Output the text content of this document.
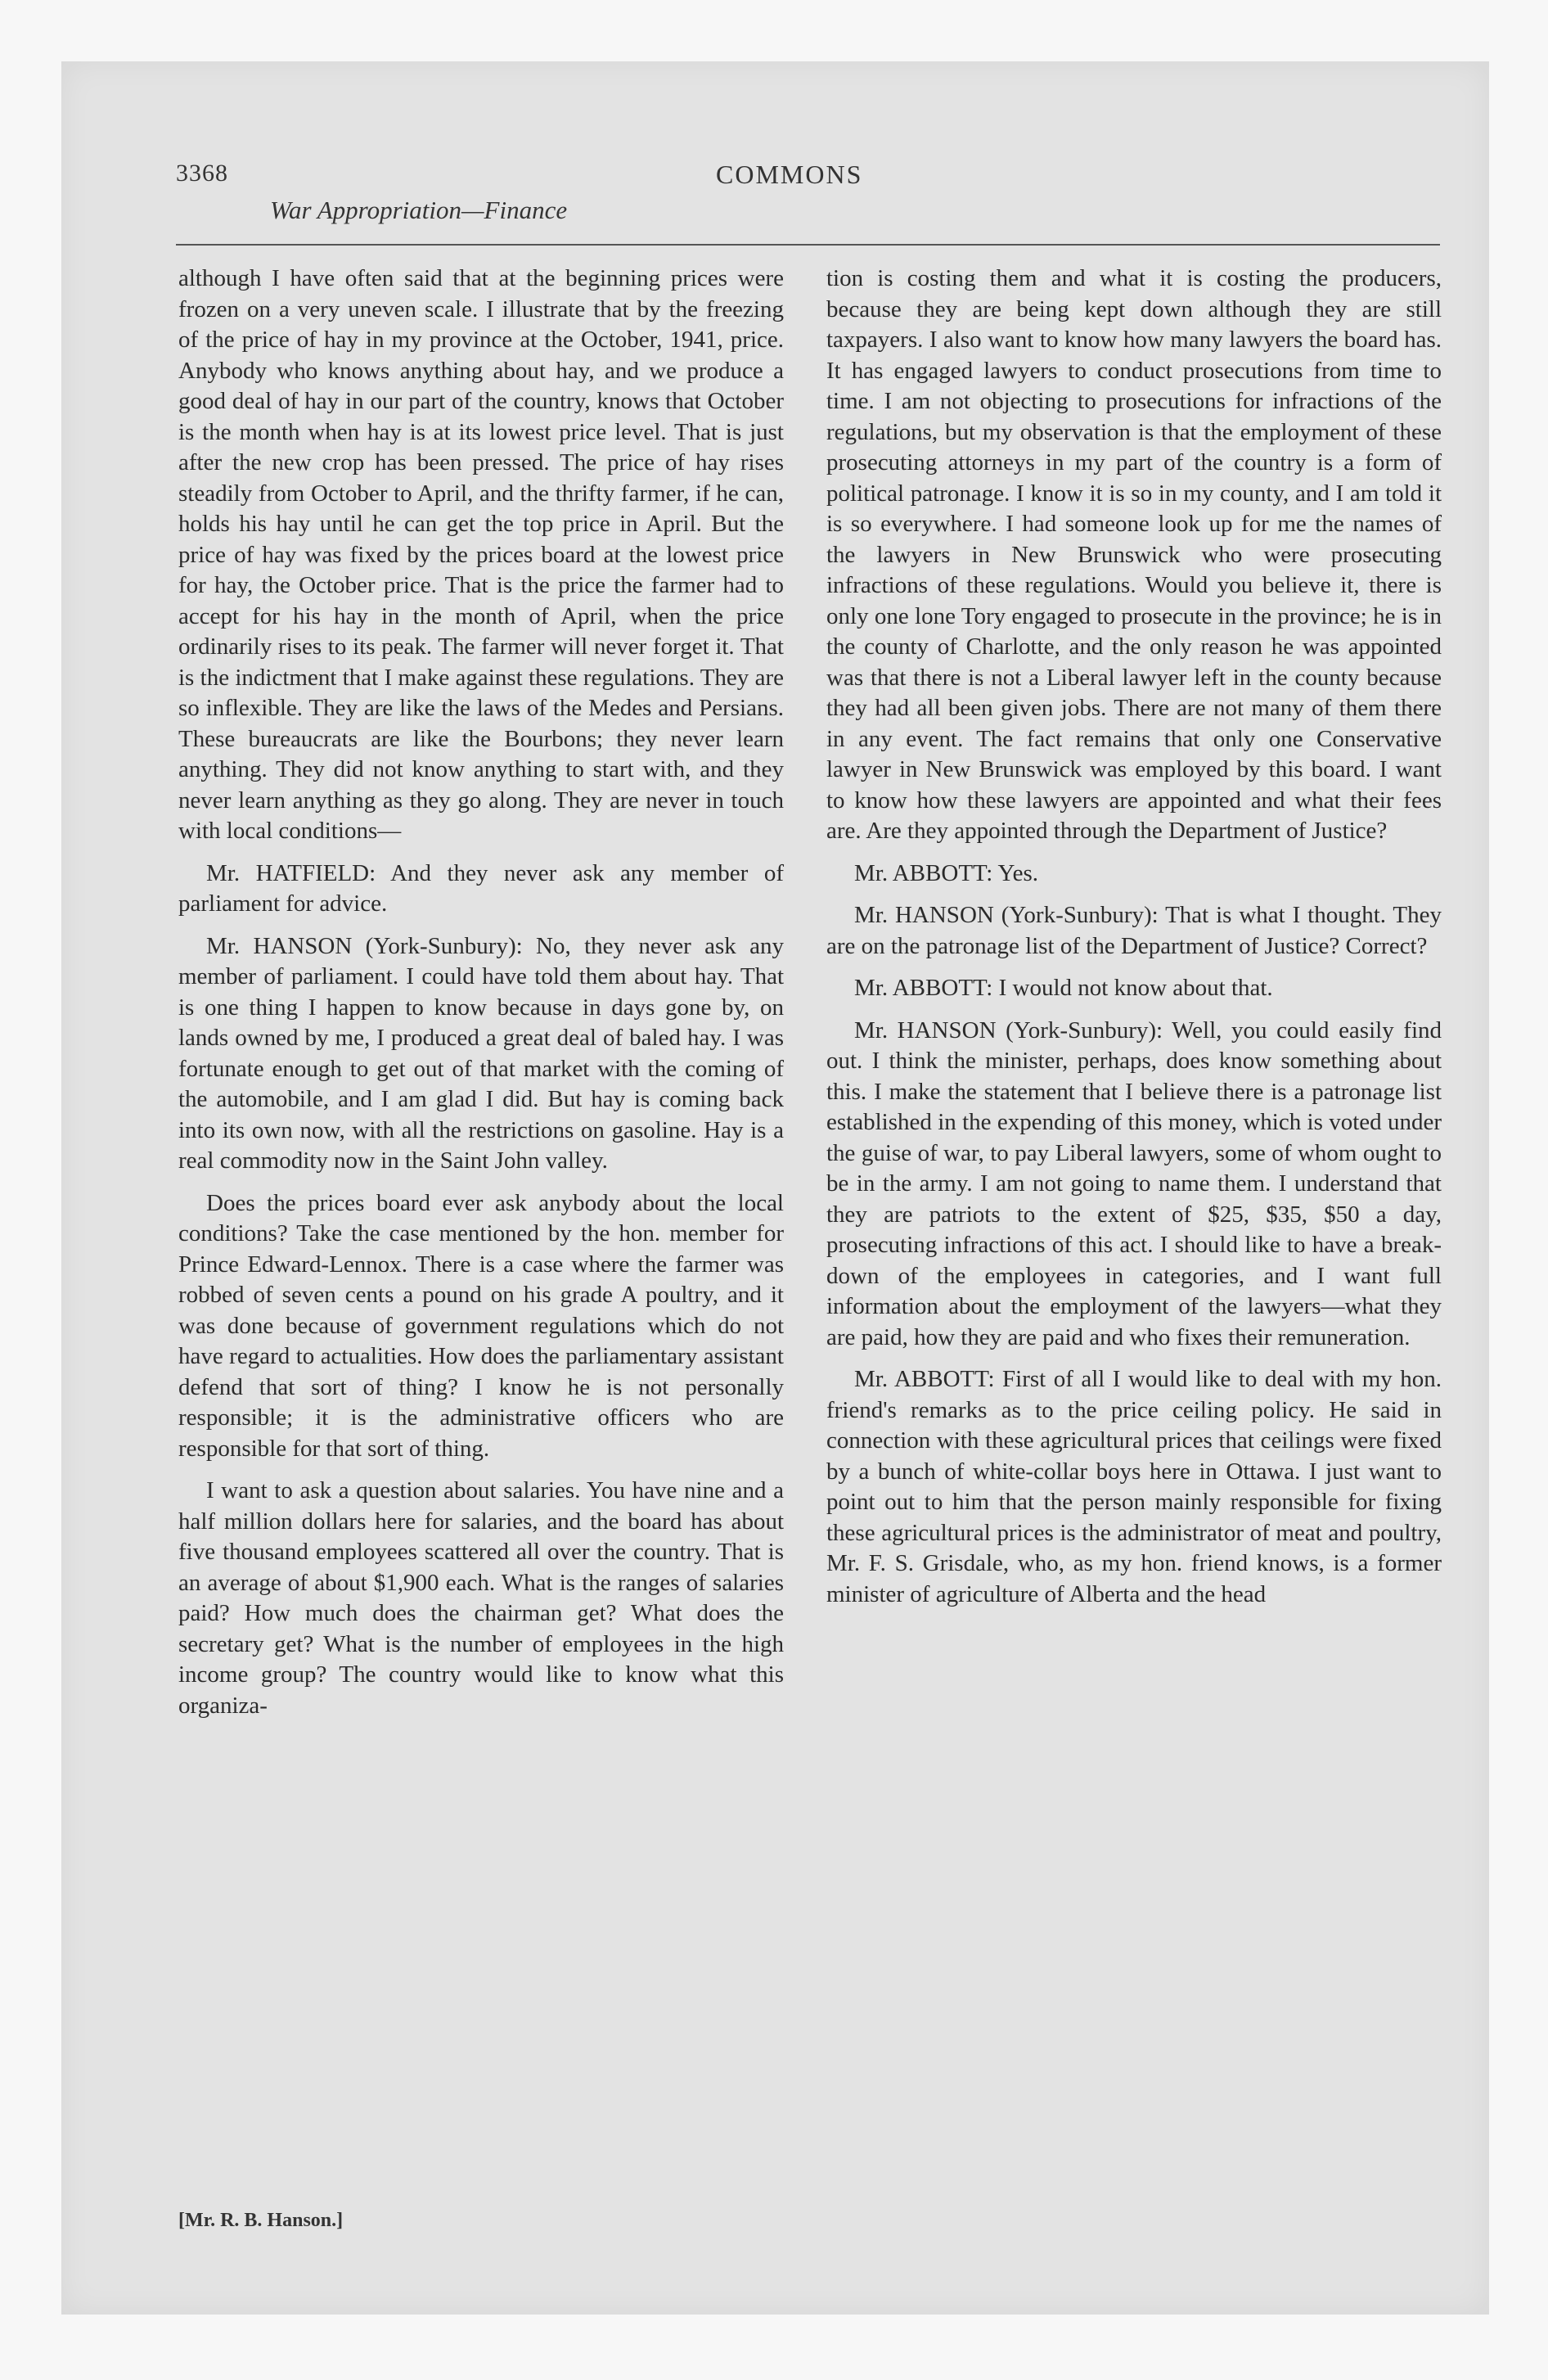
3368	COMMONS
War Appropriation—Finance

although I have often said that at the beginning prices were frozen on a very uneven scale. I illustrate that by the freezing of the price of hay in my province at the October, 1941, price. Anybody who knows anything about hay, and we produce a good deal of hay in our part of the country, knows that October is the month when hay is at its lowest price level. That is just after the new crop has been pressed. The price of hay rises steadily from October to April, and the thrifty farmer, if he can, holds his hay until he can get the top price in April. But the price of hay was fixed by the prices board at the lowest price for hay, the October price. That is the price the farmer had to accept for his hay in the month of April, when the price ordinarily rises to its peak. The farmer will never forget it. That is the indictment that I make against these regulations. They are so inflexible. They are like the laws of the Medes and Persians. These bureaucrats are like the Bourbons; they never learn anything. They did not know anything to start with, and they never learn anything as they go along. They are never in touch with local conditions—

Mr. HATFIELD: And they never ask any member of parliament for advice.

Mr. HANSON (York-Sunbury): No, they never ask any member of parliament. I could have told them about hay. That is one thing I happen to know because in days gone by, on lands owned by me, I produced a great deal of baled hay. I was fortunate enough to get out of that market with the coming of the automobile, and I am glad I did. But hay is coming back into its own now, with all the restrictions on gasoline. Hay is a real commodity now in the Saint John valley.

Does the prices board ever ask anybody about the local conditions? Take the case mentioned by the hon. member for Prince Edward-Lennox. There is a case where the farmer was robbed of seven cents a pound on his grade A poultry, and it was done because of government regulations which do not have regard to actualities. How does the parliamentary assistant defend that sort of thing? I know he is not personally responsible; it is the administrative officers who are responsible for that sort of thing.

I want to ask a question about salaries. You have nine and a half million dollars here for salaries, and the board has about five thousand employees scattered all over the country. That is an average of about $1,900 each. What is the ranges of salaries paid? How much does the chairman get? What does the secretary get? What is the number of employees in the high income group? The country would like to know what this organiza-

tion is costing them and what it is costing the producers, because they are being kept down although they are still taxpayers. I also want to know how many lawyers the board has. It has engaged lawyers to conduct prosecutions from time to time. I am not objecting to prosecutions for infractions of the regulations, but my observation is that the employment of these prosecuting attorneys in my part of the country is a form of political patronage. I know it is so in my county, and I am told it is so everywhere. I had someone look up for me the names of the lawyers in New Brunswick who were prosecuting infractions of these regulations. Would you believe it, there is only one lone Tory engaged to prosecute in the province; he is in the county of Charlotte, and the only reason he was appointed was that there is not a Liberal lawyer left in the county because they had all been given jobs. There are not many of them there in any event. The fact remains that only one Conservative lawyer in New Brunswick was employed by this board. I want to know how these lawyers are appointed and what their fees are. Are they appointed through the Department of Justice?

Mr. ABBOTT: Yes.

Mr. HANSON (York-Sunbury): That is what I thought. They are on the patronage list of the Department of Justice? Correct?

Mr. ABBOTT: I would not know about that.

Mr. HANSON (York-Sunbury): Well, you could easily find out. I think the minister, perhaps, does know something about this. I make the statement that I believe there is a patronage list established in the expending of this money, which is voted under the guise of war, to pay Liberal lawyers, some of whom ought to be in the army. I am not going to name them. I understand that they are patriots to the extent of $25, $35, $50 a day, prosecuting infractions of this act. I should like to have a break-down of the employees in categories, and I want full information about the employment of the lawyers—what they are paid, how they are paid and who fixes their remuneration.

Mr. ABBOTT: First of all I would like to deal with my hon. friend's remarks as to the price ceiling policy. He said in connection with these agricultural prices that ceilings were fixed by a bunch of white-collar boys here in Ottawa. I just want to point out to him that the person mainly responsible for fixing these agricultural prices is the administrator of meat and poultry, Mr. F. S. Grisdale, who, as my hon. friend knows, is a former minister of agriculture of Alberta and the head

[Mr. R. B. Hanson.]
